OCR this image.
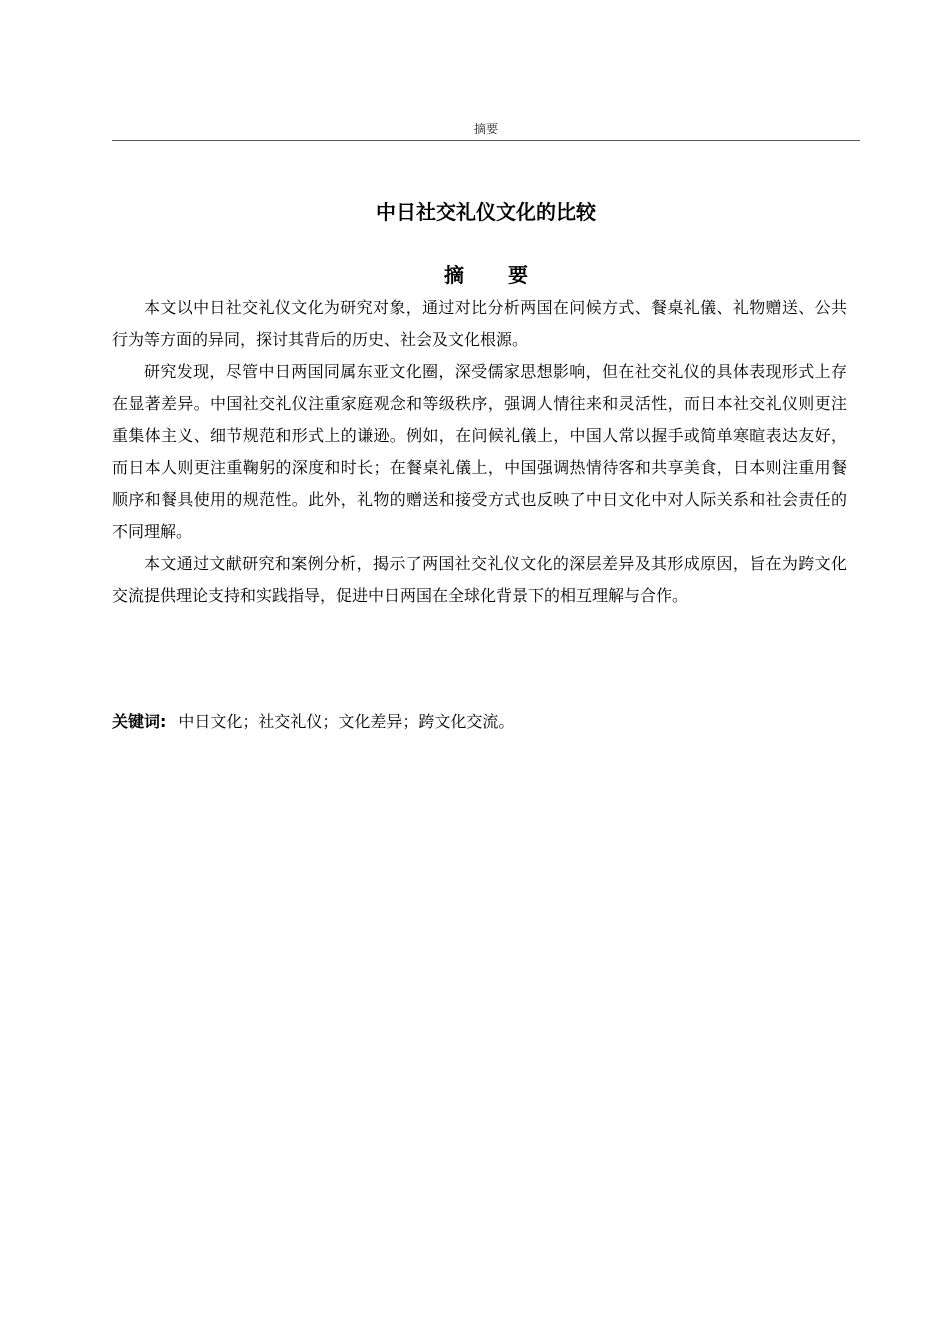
摘要
中日社交礼仪文化的比较
摘 要

本文以中日社交礼仪文化为研究对象，通过对比分析两国在问候方式、餐桌礼儀、礼物赠送、公共行为等方面的异同，探讨其背后的历史、社会及文化根源。

研究发现，尽管中日两国同属东亚文化圈，深受儒家思想影响，但在社交礼仪的具体表现形式上存在显著差异。中国社交礼仪注重家庭观念和等级秩序，强调人情往来和灵活性，而日本社交礼仪则更注重集体主义、细节规范和形式上的谦逊。例如，在问候礼儀上，中国人常以握手或简单寒暄表达友好，而日本人则更注重鞠躬的深度和时长；在餐桌礼儀上，中国强调热情待客和共享美食，日本则注重用餐顺序和餐具使用的规范性。此外，礼物的赠送和接受方式也反映了中日文化中对人际关系和社会责任的不同理解。

本文通过文献研究和案例分析，揭示了两国社交礼仪文化的深层差异及其形成原因，旨在为跨文化交流提供理论支持和实践指导，促进中日两国在全球化背景下的相互理解与合作。

关键词: 中日文化；社交礼仪；文化差异；跨文化交流。
